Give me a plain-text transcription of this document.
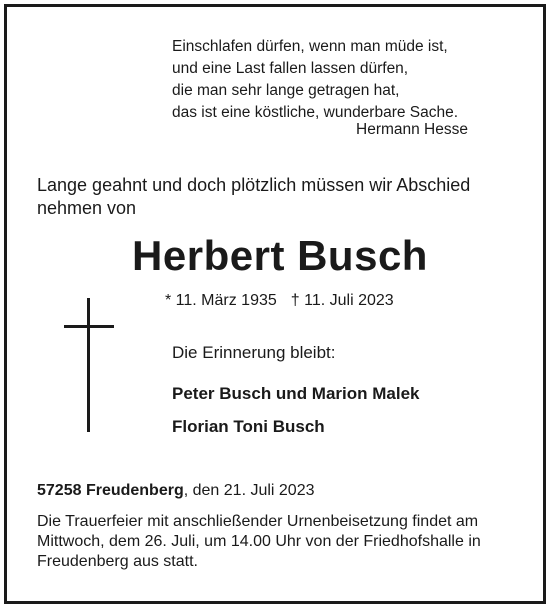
Einschlafen dürfen, wenn man müde ist,
und eine Last fallen lassen dürfen,
die man sehr lange getragen hat,
das ist eine köstliche, wunderbare Sache.
Hermann Hesse
Lange geahnt und doch plötzlich müssen wir Abschied
nehmen von
Herbert Busch
* 11. März 1935 † 11. Juli 2023
Die Erinnerung bleibt:
Peter Busch und Marion Malek
Florian Toni Busch
57258 Freudenberg, den 21. Juli 2023
Die Trauerfeier mit anschließender Urnenbeisetzung findet am
Mittwoch, dem 26. Juli, um 14.00 Uhr von der Friedhofshalle in
Freudenberg aus statt.
